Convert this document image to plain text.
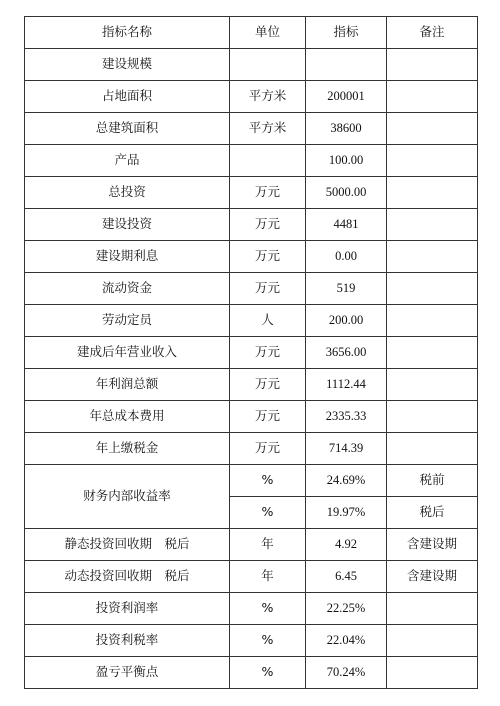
指标名称	单位	指标	备注
建设规模			
占地面积	平方米	200001	
总建筑面积	平方米	38600	
产品		100.00	
总投资	万元	5000.00	
建设投资	万元	4481	
建设期利息	万元	0.00	
流动资金	万元	519	
劳动定员	人	200.00	
建成后年营业收入	万元	3656.00	
年利润总额	万元	1112.44	
年总成本费用	万元	2335.33	
年上缴税金	万元	714.39	
财务内部收益率	%	24.69%	税前
	%	19.97%	税后
静态投资回收期　税后	年	4.92	含建设期
动态投资回收期　税后	年	6.45	含建设期
投资利润率	%	22.25%	
投资利税率	%	22.04%	
盈亏平衡点	%	70.24%	
